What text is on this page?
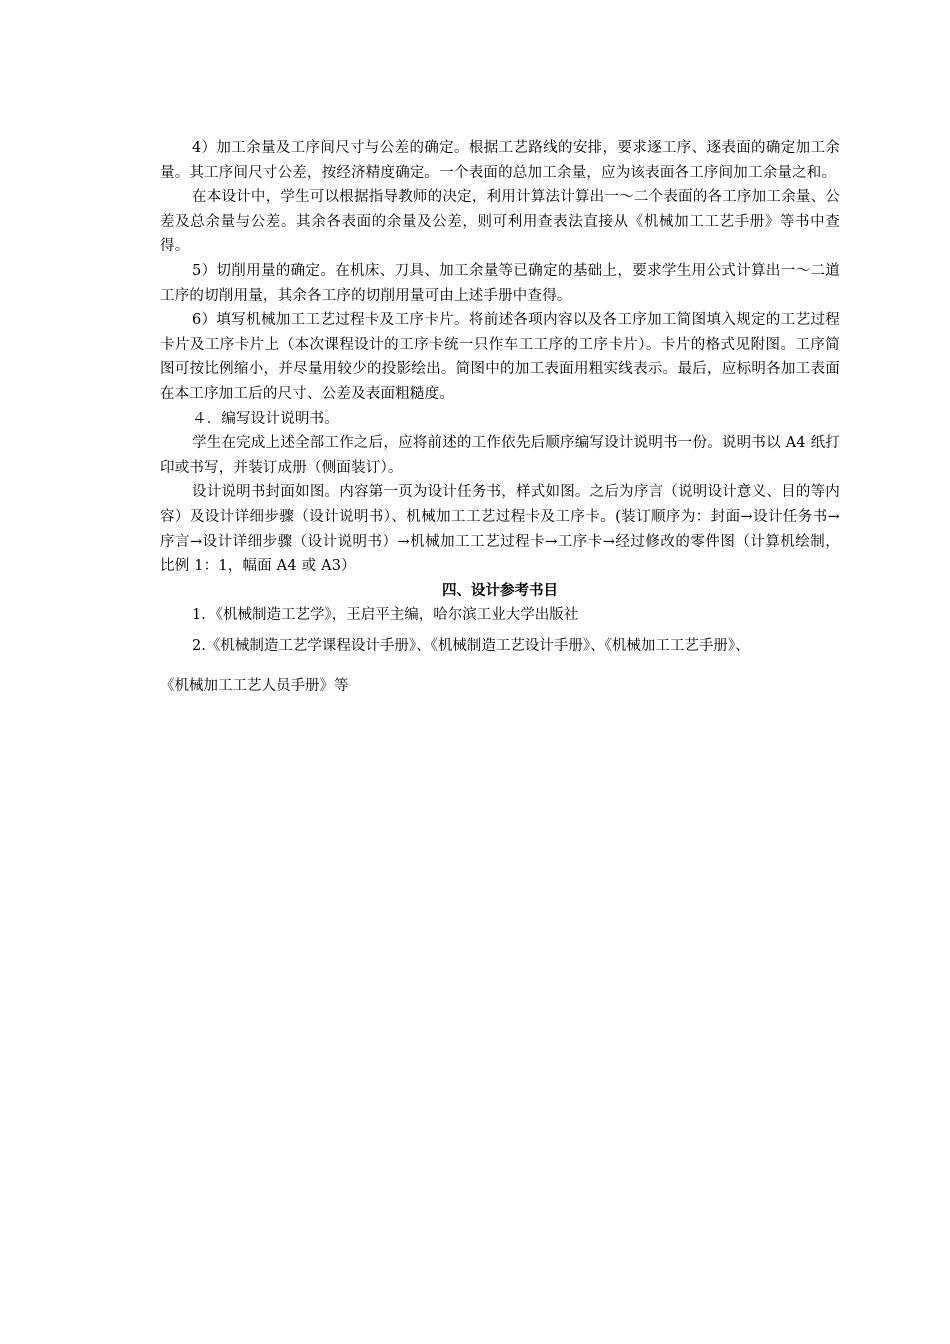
4）加工余量及工序间尺寸与公差的确定。根据工艺路线的安排，要求逐工序、逐表面的确定加工余量。其工序间尺寸公差，按经济精度确定。一个表面的总加工余量，应为该表面各工序间加工余量之和。

在本设计中，学生可以根据指导教师的决定，利用计算法计算出一～二个表面的各工序加工余量、公差及总余量与公差。其余各表面的余量及公差，则可利用查表法直接从《机械加工工艺手册》等书中查得。

5）切削用量的确定。在机床、刀具、加工余量等已确定的基础上，要求学生用公式计算出一～二道工序的切削用量，其余各工序的切削用量可由上述手册中查得。

6）填写机械加工工艺过程卡及工序卡片。将前述各项内容以及各工序加工简图填入规定的工艺过程卡片及工序卡片上（本次课程设计的工序卡统一只作车工工序的工序卡片）。卡片的格式见附图。工序简图可按比例缩小，并尽量用较少的投影绘出。简图中的加工表面用粗实线表示。最后，应标明各加工表面在本工序加工后的尺寸、公差及表面粗糙度。

４．编写设计说明书。

学生在完成上述全部工作之后，应将前述的工作依先后顺序编写设计说明书一份。说明书以 A4 纸打印或书写，并装订成册（侧面装订）。

设计说明书封面如图。内容第一页为设计任务书，样式如图。之后为序言（说明设计意义、目的等内容）及设计详细步骤（设计说明书）、机械加工工艺过程卡及工序卡。(装订顺序为：封面→设计任务书→序言→设计详细步骤（设计说明书）→机械加工工艺过程卡→工序卡→经过修改的零件图（计算机绘制，比例 1：1，幅面 A4 或 A3）

四、设计参考书目

1．《机械制造工艺学》，王启平主编，哈尔滨工业大学出版社

2.《机械制造工艺学课程设计手册》、《机械制造工艺设计手册》、《机械加工工艺手册》、

《机械加工工艺人员手册》等
